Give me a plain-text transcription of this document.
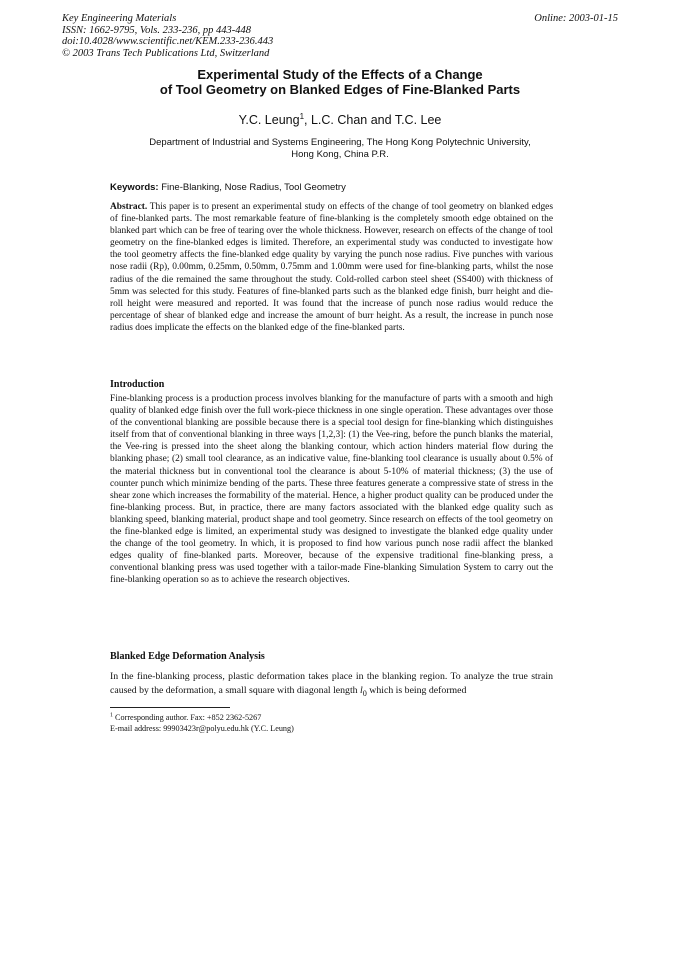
Key Engineering Materials
ISSN: 1662-9795, Vols. 233-236, pp 443-448
doi:10.4028/www.scientific.net/KEM.233-236.443
© 2003 Trans Tech Publications Ltd, Switzerland
Online: 2003-01-15
Experimental Study of the Effects of a Change
of Tool Geometry on Blanked Edges of Fine-Blanked Parts
Y.C. Leung$^1$, L.C. Chan and T.C. Lee
Department of Industrial and Systems Engineering, The Hong Kong Polytechnic University,
Hong Kong, China P.R.
Keywords: Fine-Blanking, Nose Radius, Tool Geometry
Abstract. This paper is to present an experimental study on effects of the change of tool geometry on blanked edges of fine-blanked parts. The most remarkable feature of fine-blanking is the completely smooth edge obtained on the blanked part which can be free of tearing over the whole thickness. However, research on effects of the change of tool geometry on the fine-blanked edges is limited. Therefore, an experimental study was conducted to investigate how the tool geometry affects the fine-blanked edge quality by varying the punch nose radius. Five punches with various nose radii (Rp), 0.00mm, 0.25mm, 0.50mm, 0.75mm and 1.00mm were used for fine-blanking parts, whilst the nose radius of the die remained the same throughout the study. Cold-rolled carbon steel sheet (SS400) with thickness of 5mm was selected for this study. Features of fine-blanked parts such as the blanked edge finish, burr height and die-roll height were measured and reported. It was found that the increase of punch nose radius would reduce the percentage of shear of blanked edge and increase the amount of burr height. As a result, the increase in punch nose radius does implicate the effects on the blanked edge of the fine-blanked parts.
Introduction
Fine-blanking process is a production process involves blanking for the manufacture of parts with a smooth and high quality of blanked edge finish over the full work-piece thickness in one single operation. These advantages over those of the conventional blanking are possible because there is a special tool design for fine-blanking which distinguishes itself from that of conventional blanking in three ways [1,2,3]: (1) the Vee-ring, before the punch blanks the material, the Vee-ring is pressed into the sheet along the blanking contour, which action hinders material flow during the blanking phase; (2) small tool clearance, as an indicative value, fine-blanking tool clearance is usually about 0.5% of the material thickness but in conventional tool the clearance is about 5-10% of material thickness; (3) the use of counter punch which minimize bending of the parts. These three features generate a compressive state of stress in the shear zone which increases the formability of the material. Hence, a higher product quality can be produced under the fine-blanking process. But, in practice, there are many factors associated with the blanked edge quality such as blanking speed, blanking material, product shape and tool geometry. Since research on effects of the tool geometry on the fine-blanked edge is limited, an experimental study was designed to investigate the blanked edge quality under the change of the tool geometry. In which, it is proposed to find how various punch nose radii affect the blanked edges quality of fine-blanked parts. Moreover, because of the expensive traditional fine-blanking press, a conventional blanking press was used together with a tailor-made Fine-blanking Simulation System to carry out the fine-blanking operation so as to achieve the research objectives.
Blanked Edge Deformation Analysis
In the fine-blanking process, plastic deformation takes place in the blanking region. To analyze the true strain caused by the deformation, a small square with diagonal length $l_0$ which is being deformed
$^1$ Corresponding author. Fax: +852 2362-5267
E-mail address: 99903423r@polyu.edu.hk (Y.C. Leung)
